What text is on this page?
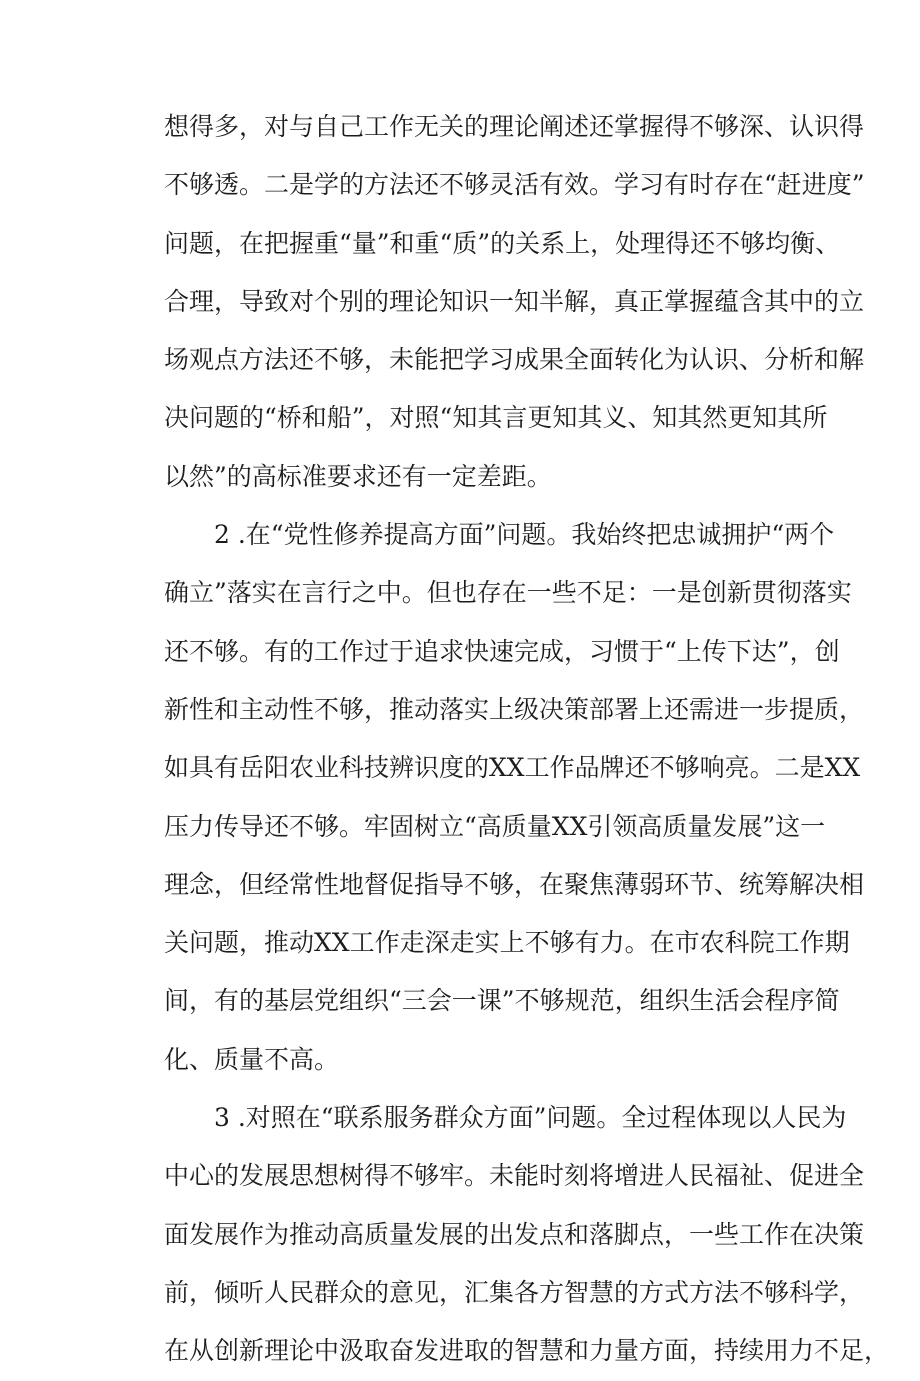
想得多，对与自己工作无关的理论阐述还掌握得不够深、认识得
不够透。二是学的方法还不够灵活有效。学习有时存在“赶进度”
问题，在把握重“量”和重“质”的关系上，处理得还不够均衡、
合理，导致对个别的理论知识一知半解，真正掌握蕴含其中的立
场观点方法还不够，未能把学习成果全面转化为认识、分析和解
决问题的“桥和船”，对照“知其言更知其义、知其然更知其所
以然”的高标准要求还有一定差距。
2 .在“党性修养提高方面”问题。我始终把忠诚拥护“两个
确立”落实在言行之中。但也存在一些不足：一是创新贯彻落实
还不够。有的工作过于追求快速完成，习惯于“上传下达”，创
新性和主动性不够，推动落实上级决策部署上还需进一步提质，
如具有岳阳农业科技辨识度的XX工作品牌还不够响亮。二是XX
压力传导还不够。牢固树立“高质量XX引领高质量发展”这一
理念，但经常性地督促指导不够，在聚焦薄弱环节、统筹解决相
关问题，推动XX工作走深走实上不够有力。在市农科院工作期
间，有的基层党组织“三会一课”不够规范，组织生活会程序简
化、质量不高。
3 .对照在“联系服务群众方面”问题。全过程体现以人民为
中心的发展思想树得不够牢。未能时刻将增进人民福祉、促进全
面发展作为推动高质量发展的出发点和落脚点，一些工作在决策
前，倾听人民群众的意见，汇集各方智慧的方式方法不够科学，
在从创新理论中汲取奋发进取的智慧和力量方面，持续用力不足，
